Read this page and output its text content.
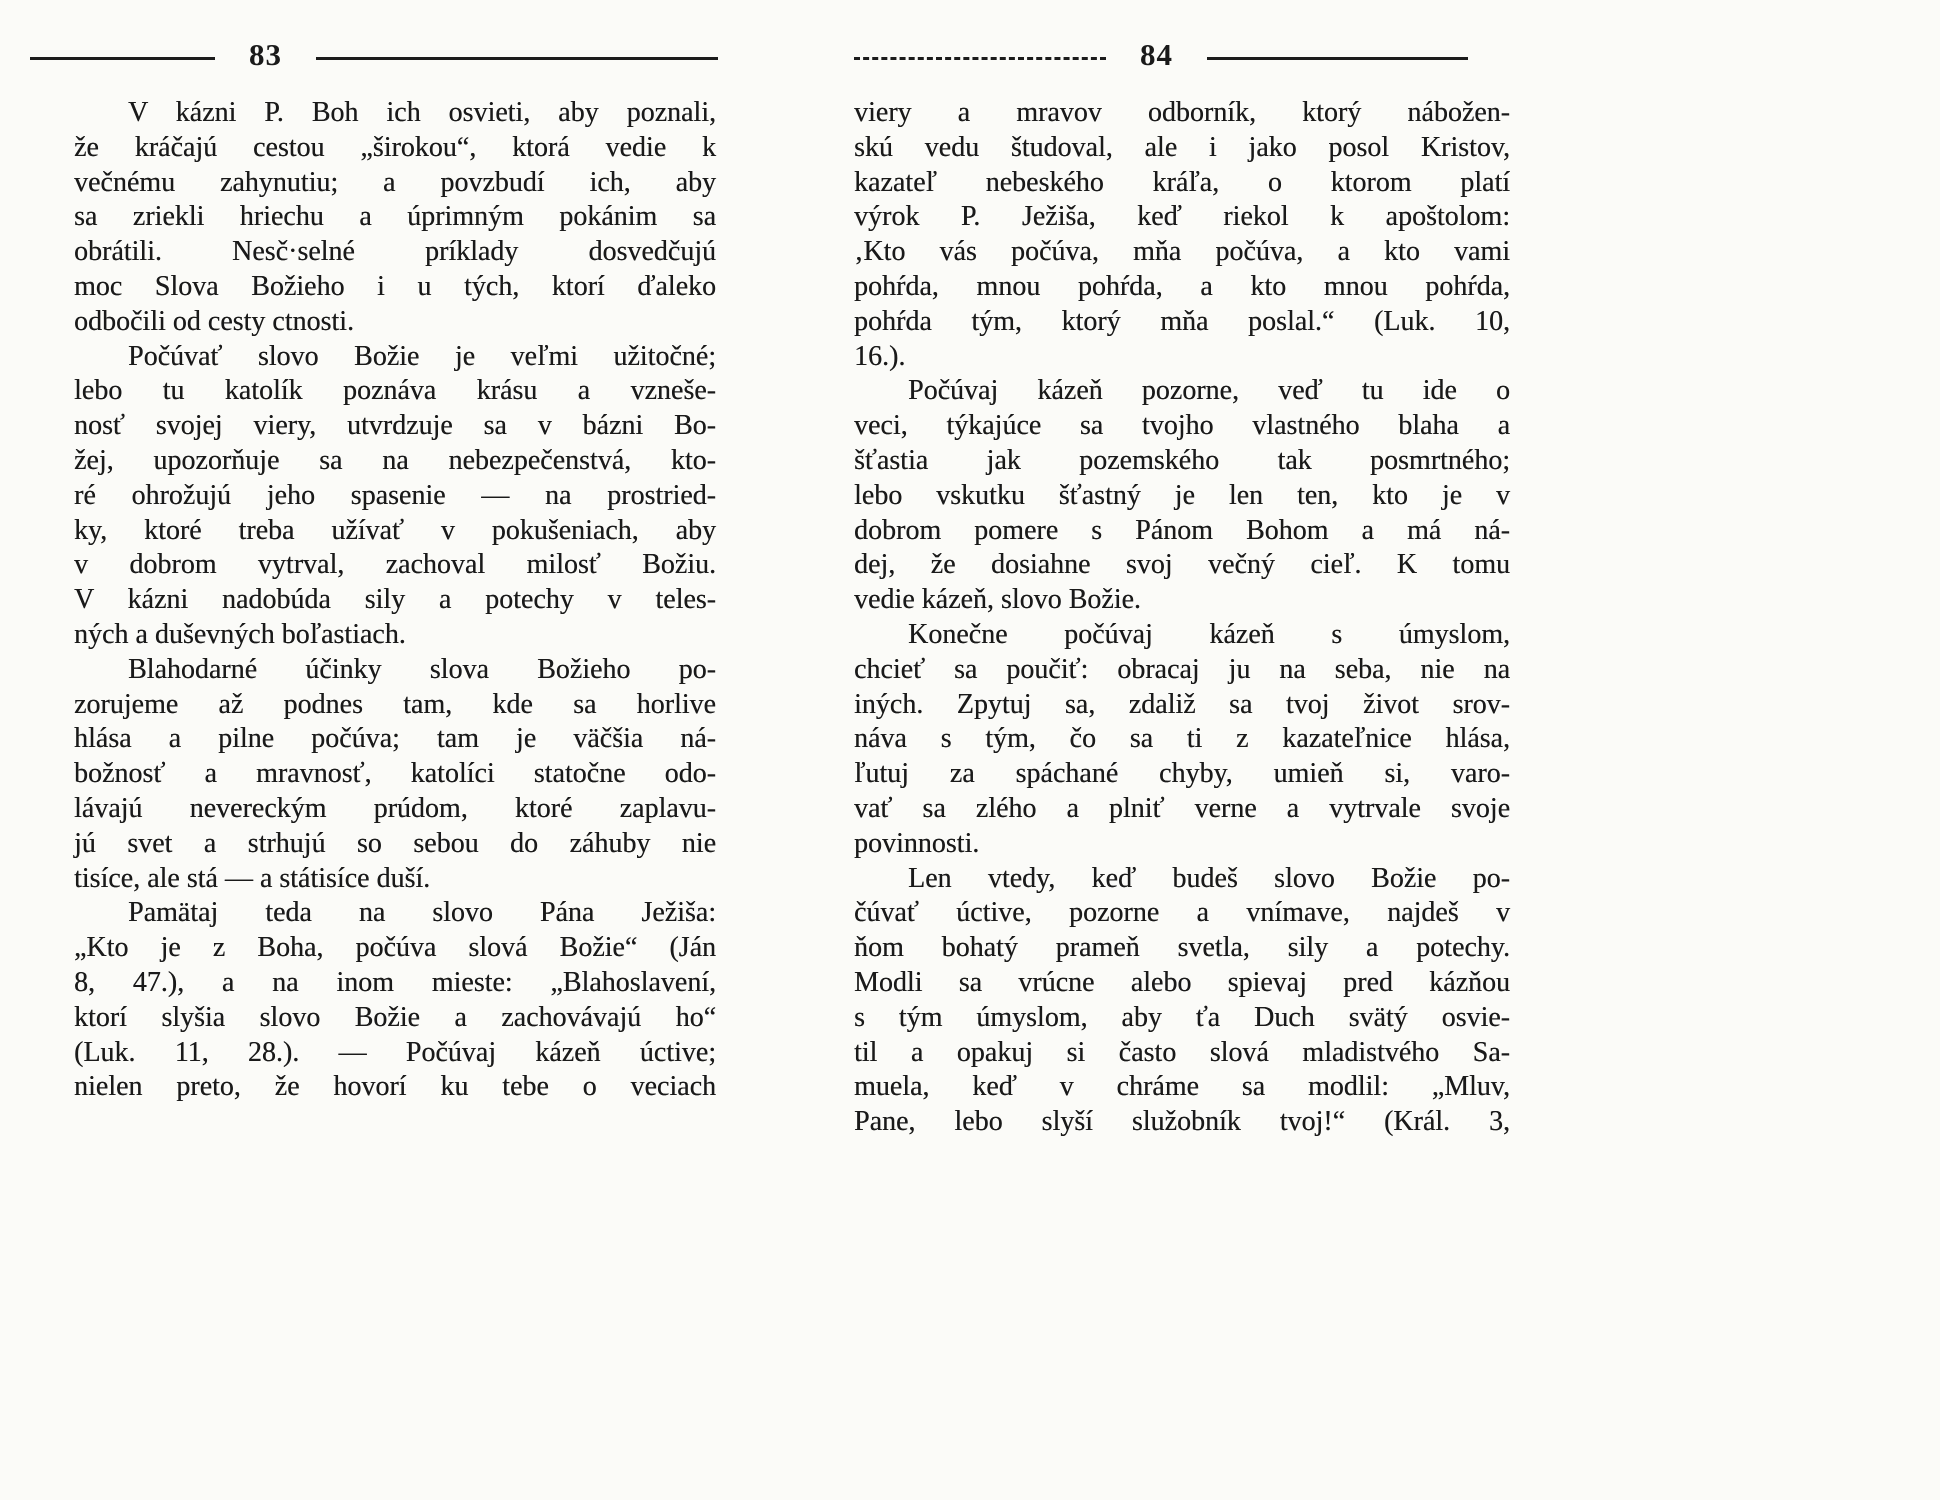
83	84
V kázni P. Boh ich osvieti, aby poznali,
že kráčajú cestou „širokou“, ktorá vedie k
večnému zahynutiu; a povzbudí ich, aby
sa zriekli hriechu a úprimným pokánim sa
obrátili. Nesč·selné príklady dosvedčujú
moc Slova Božieho i u tých, ktorí ďaleko
odbočili od cesty ctnosti.
Počúvať slovo Božie je veľmi užitočné;
lebo tu katolík poznáva krásu a vzneše-
nosť svojej viery, utvrdzuje sa v bázni Bo-
žej, upozorňuje sa na nebezpečenstvá, kto-
ré ohrožujú jeho spasenie — na prostried-
ky, ktoré treba užívať v pokušeniach, aby
v dobrom vytrval, zachoval milosť Božiu.
V kázni nadobúda sily a potechy v teles-
ných a duševných boľastiach.
Blahodarné účinky slova Božieho po-
zorujeme až podnes tam, kde sa horlive
hlása a pilne počúva; tam je väčšia ná-
božnosť a mravnosť, katolíci statočne odo-
lávajú nevereckým prúdom, ktoré zaplavu-
jú svet a strhujú so sebou do záhuby nie
tisíce, ale stá — a státisíce duší.
Pamätaj teda na slovo Pána Ježiša:
„Kto je z Boha, počúva slová Božie“ (Ján
8, 47.), a na inom mieste: „Blahoslavení,
ktorí slyšia slovo Božie a zachovávajú ho“
(Luk. 11, 28.). — Počúvaj kázeň úctive;
nielen preto, že hovorí ku tebe o veciach
viery a mravov odborník, ktorý nábožen-
skú vedu študoval, ale i jako posol Kristov,
kazateľ nebeského kráľa, o ktorom platí
výrok P. Ježiša, keď riekol k apoštolom:
‚Kto vás počúva, mňa počúva, a kto vami
pohŕda, mnou pohŕda, a kto mnou pohŕda,
pohŕda tým, ktorý mňa poslal.“ (Luk. 10,
16.).
Počúvaj kázeň pozorne, veď tu ide o
veci, týkajúce sa tvojho vlastného blaha a
šťastia jak pozemského tak posmrtného;
lebo vskutku šťastný je len ten, kto je v
dobrom pomere s Pánom Bohom a má ná-
dej, že dosiahne svoj večný cieľ. K tomu
vedie kázeň, slovo Božie.
Konečne počúvaj kázeň s úmyslom,
chcieť sa poučiť: obracaj ju na seba, nie na
iných. Zpytuj sa, zdaliž sa tvoj život srov-
náva s tým, čo sa ti z kazateľnice hlása,
ľutuj za spáchané chyby, umieň si, varo-
vať sa zlého a plniť verne a vytrvale svoje
povinnosti.
Len vtedy, keď budeš slovo Božie po-
čúvať úctive, pozorne a vnímave, najdeš v
ňom bohatý prameň svetla, sily a potechy.
Modli sa vrúcne alebo spievaj pred kázňou
s tým úmyslom, aby ťa Duch svätý osvie-
til a opakuj si často slová mladistvého Sa-
muela, keď v chráme sa modlil: „Mluv,
Pane, lebo slyší služobník tvoj!“ (Král. 3,
